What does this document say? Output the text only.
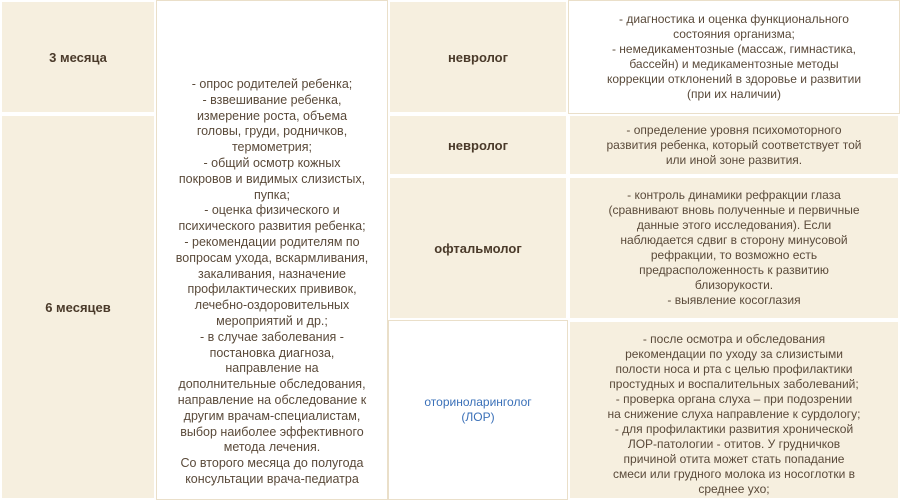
3 месяца
6 месяцев
- опрос родителей ребенка;
- взвешивание ребенка,
измерение роста, объема
головы, груди, родничков,
термометрия;
- общий осмотр кожных
покровов и видимых слизистых,
пупка;
- оценка физического и
психического развития ребенка;
- рекомендации родителям по
вопросам ухода, вскармливания,
закаливания, назначение
профилактических прививок,
лечебно-оздоровительных
мероприятий и др.;
- в случае заболевания -
постановка диагноза,
направление на
дополнительные обследования,
направление на обследование к
другим врачам-специалистам,
выбор наиболее эффективного
метода лечения.
Со второго месяца до полугода
консультации врача-педиатра
невролог
невролог
офтальмолог
оториноларинголог
(ЛОР)
- диагностика и оценка функционального
состояния организма;
- немедикаментозные (массаж, гимнастика,
бассейн) и медикаментозные методы
коррекции отклонений в здоровье и развитии
(при их наличии)
- определение уровня психомоторного
развития ребенка, который соответствует той
или иной зоне развития.
- контроль динамики рефракции глаза
(сравнивают вновь полученные и первичные
данные этого исследования). Если
наблюдается сдвиг в сторону минусовой
рефракции, то возможно есть
предрасположенность к развитию
близорукости.
- выявление косоглазия
- после осмотра и обследования
рекомендации по уходу за слизистыми
полости носа и рта с целью профилактики
простудных и воспалительных заболеваний;
- проверка органа слуха – при подозрении
на снижение слуха направление к сурдологу;
- для профилактики развития хронической
ЛОР-патологии - отитов. У грудничков
причиной отита может стать попадание
смеси или грудного молока из носоглотки в
среднее ухо;
